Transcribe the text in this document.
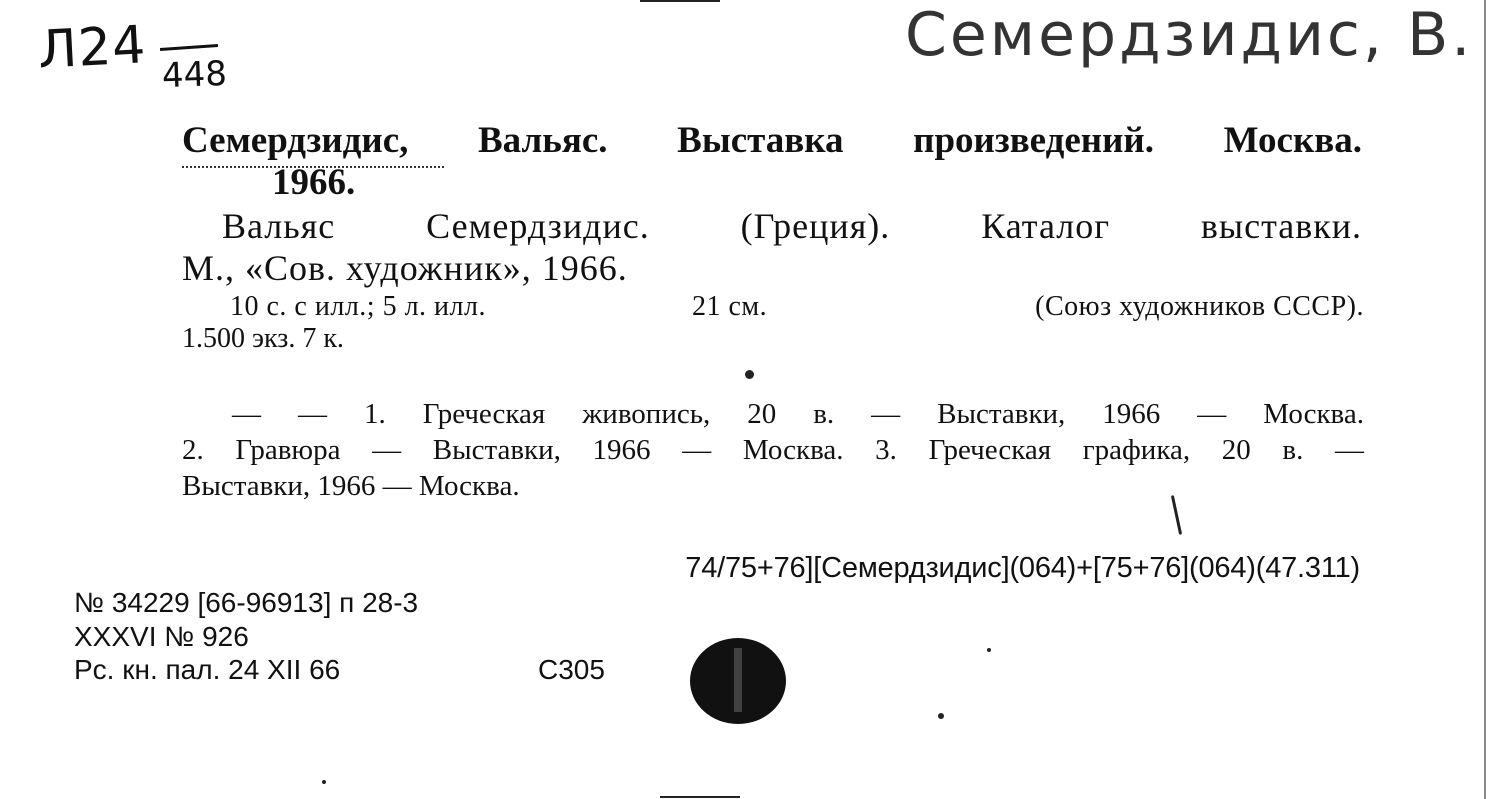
Л24 448
Семердзидис, В.
Семердзидис, Вальяс. Выставка произведений. Москва.
1966.
Вальяс Семердзидис. (Греция). Каталог выставки.
М., «Сов. художник», 1966.
10 с. с илл.; 5 л. илл.	21 см.	(Союз художников СССР).
1.500 экз. 7 к.
— — 1. Греческая живопись, 20 в. — Выставки, 1966 — Москва.
2. Гравюра — Выставки, 1966 — Москва. 3. Греческая графика, 20 в. —
Выставки, 1966 — Москва.
74/75+76][Семердзидис](064)+[75+76](064)(47.311)
№ 34229 [66-96913] п 28-3
XXXVI № 926
Рс. кн. пал. 24 XII 66	С305
